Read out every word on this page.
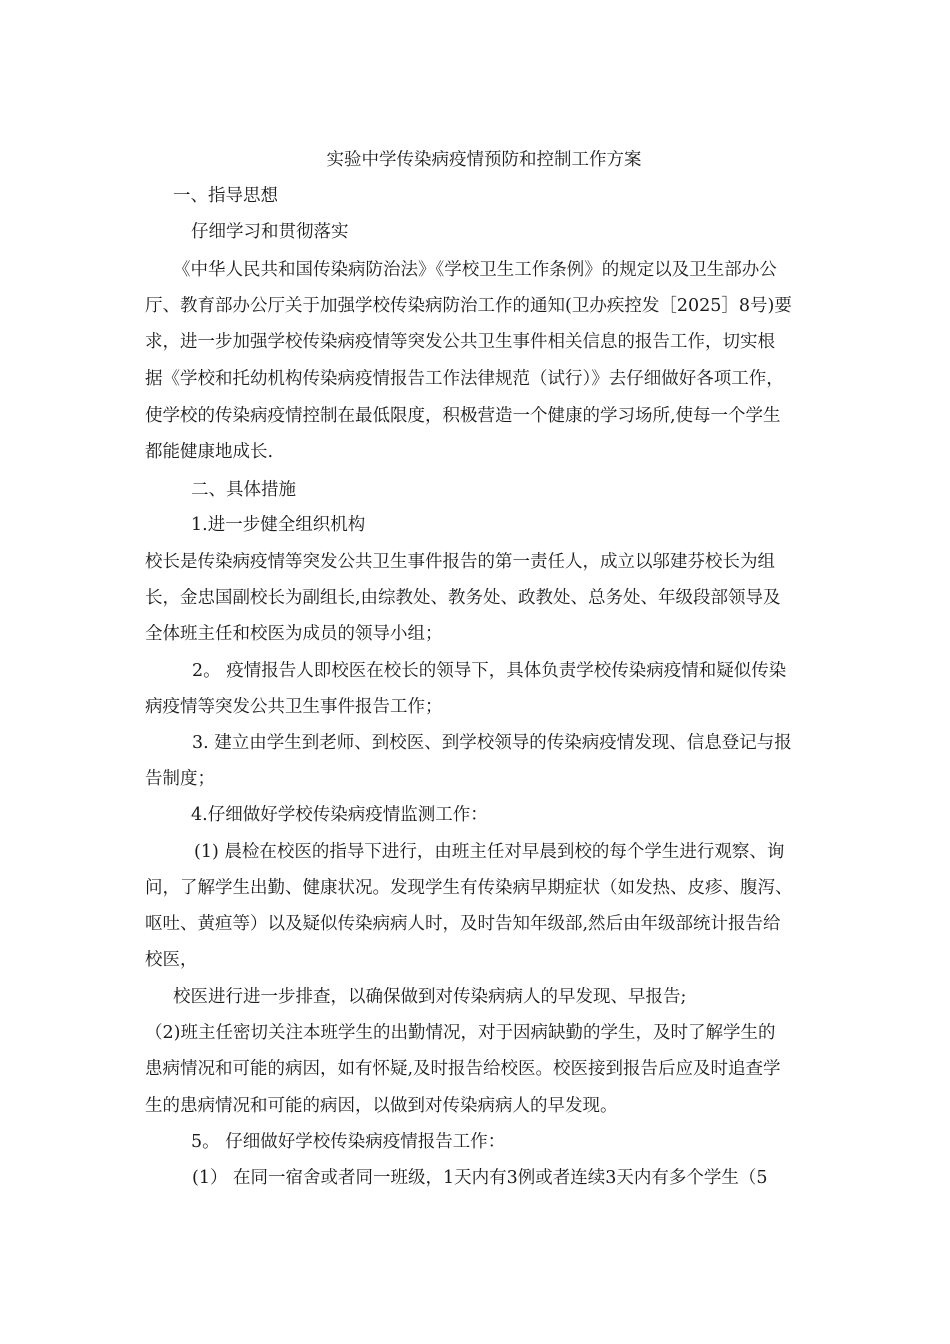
实验中学传染病疫情预防和控制工作方案
一、指导思想
仔细学习和贯彻落实
《中华人民共和国传染病防治法》《学校卫生工作条例》的规定以及卫生部办公
厅、教育部办公厅关于加强学校传染病防治工作的通知(卫办疾控发［2025］8号)要
求，进一步加强学校传染病疫情等突发公共卫生事件相关信息的报告工作，切实根
据《学校和托幼机构传染病疫情报告工作法律规范（试行）》去仔细做好各项工作，
使学校的传染病疫情控制在最低限度，积极营造一个健康的学习场所,使每一个学生
都能健康地成长.
二、具体措施
1.进一步健全组织机构
校长是传染病疫情等突发公共卫生事件报告的第一责任人，成立以邬建芬校长为组
长，金忠国副校长为副组长,由综教处、教务处、政教处、总务处、年级段部领导及
全体班主任和校医为成员的领导小组；
2。 疫情报告人即校医在校长的领导下，具体负责学校传染病疫情和疑似传染
病疫情等突发公共卫生事件报告工作；
3. 建立由学生到老师、到校医、到学校领导的传染病疫情发现、信息登记与报
告制度；
4.仔细做好学校传染病疫情监测工作：
(1) 晨检在校医的指导下进行，由班主任对早晨到校的每个学生进行观察、询
问，了解学生出勤、健康状况。发现学生有传染病早期症状（如发热、皮疹、腹泻、
呕吐、黄疸等）以及疑似传染病病人时，及时告知年级部,然后由年级部统计报告给
校医，
校医进行进一步排查，以确保做到对传染病病人的早发现、早报告;
（2)班主任密切关注本班学生的出勤情况，对于因病缺勤的学生，及时了解学生的
患病情况和可能的病因，如有怀疑,及时报告给校医。校医接到报告后应及时追查学
生的患病情况和可能的病因，以做到对传染病病人的早发现。
5。 仔细做好学校传染病疫情报告工作：
(1） 在同一宿舍或者同一班级，1天内有3例或者连续3天内有多个学生（5
